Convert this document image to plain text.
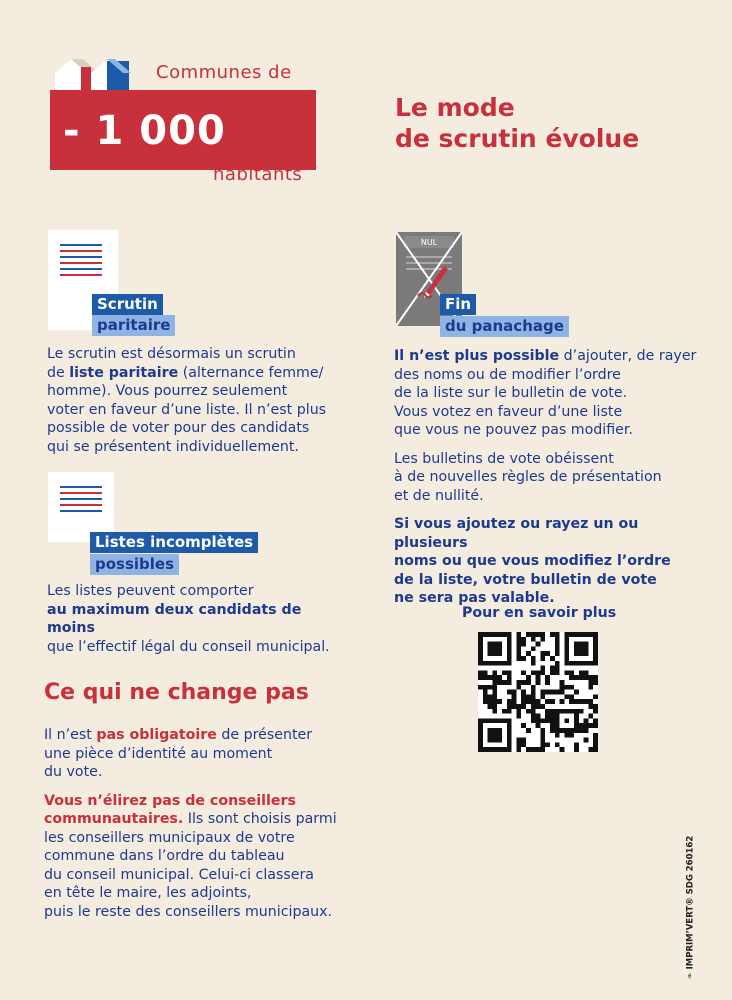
Communes de
- 1 000
habitants
Le mode
de scrutin évolue
Scrutin
paritaire
Le scrutin est désormais un scrutin
de liste paritaire (alternance femme/
homme). Vous pourrez seulement
voter en faveur d’une liste. Il n’est plus
possible de voter pour des candidats
qui se présentent individuellement.
Listes incomplètes
possibles
Les listes peuvent comporter
au maximum deux candidats de moins
que l’effectif légal du conseil municipal.
NUL
Fin
du panachage
Il n’est plus possible d’ajouter, de rayer
des noms ou de modifier l’ordre
de la liste sur le bulletin de vote.
Vous votez en faveur d’une liste
que vous ne pouvez pas modifier.
Les bulletins de vote obéissent
à de nouvelles règles de présentation
et de nullité.
Si vous ajoutez ou rayez un ou plusieurs
noms ou que vous modifiez l’ordre
de la liste, votre bulletin de vote
ne sera pas valable.
Pour en savoir plus
Ce qui ne change pas
Il n’est pas obligatoire de présenter
une pièce d’identité au moment
du vote.
Vous n’élirez pas de conseillers
communautaires. Ils sont choisis parmi
les conseillers municipaux de votre
commune dans l’ordre du tableau
du conseil municipal. Celui-ci classera
en tête le maire, les adjoints,
puis le reste des conseillers municipaux.
❧ IMPRIM’VERT® SDG 260162
